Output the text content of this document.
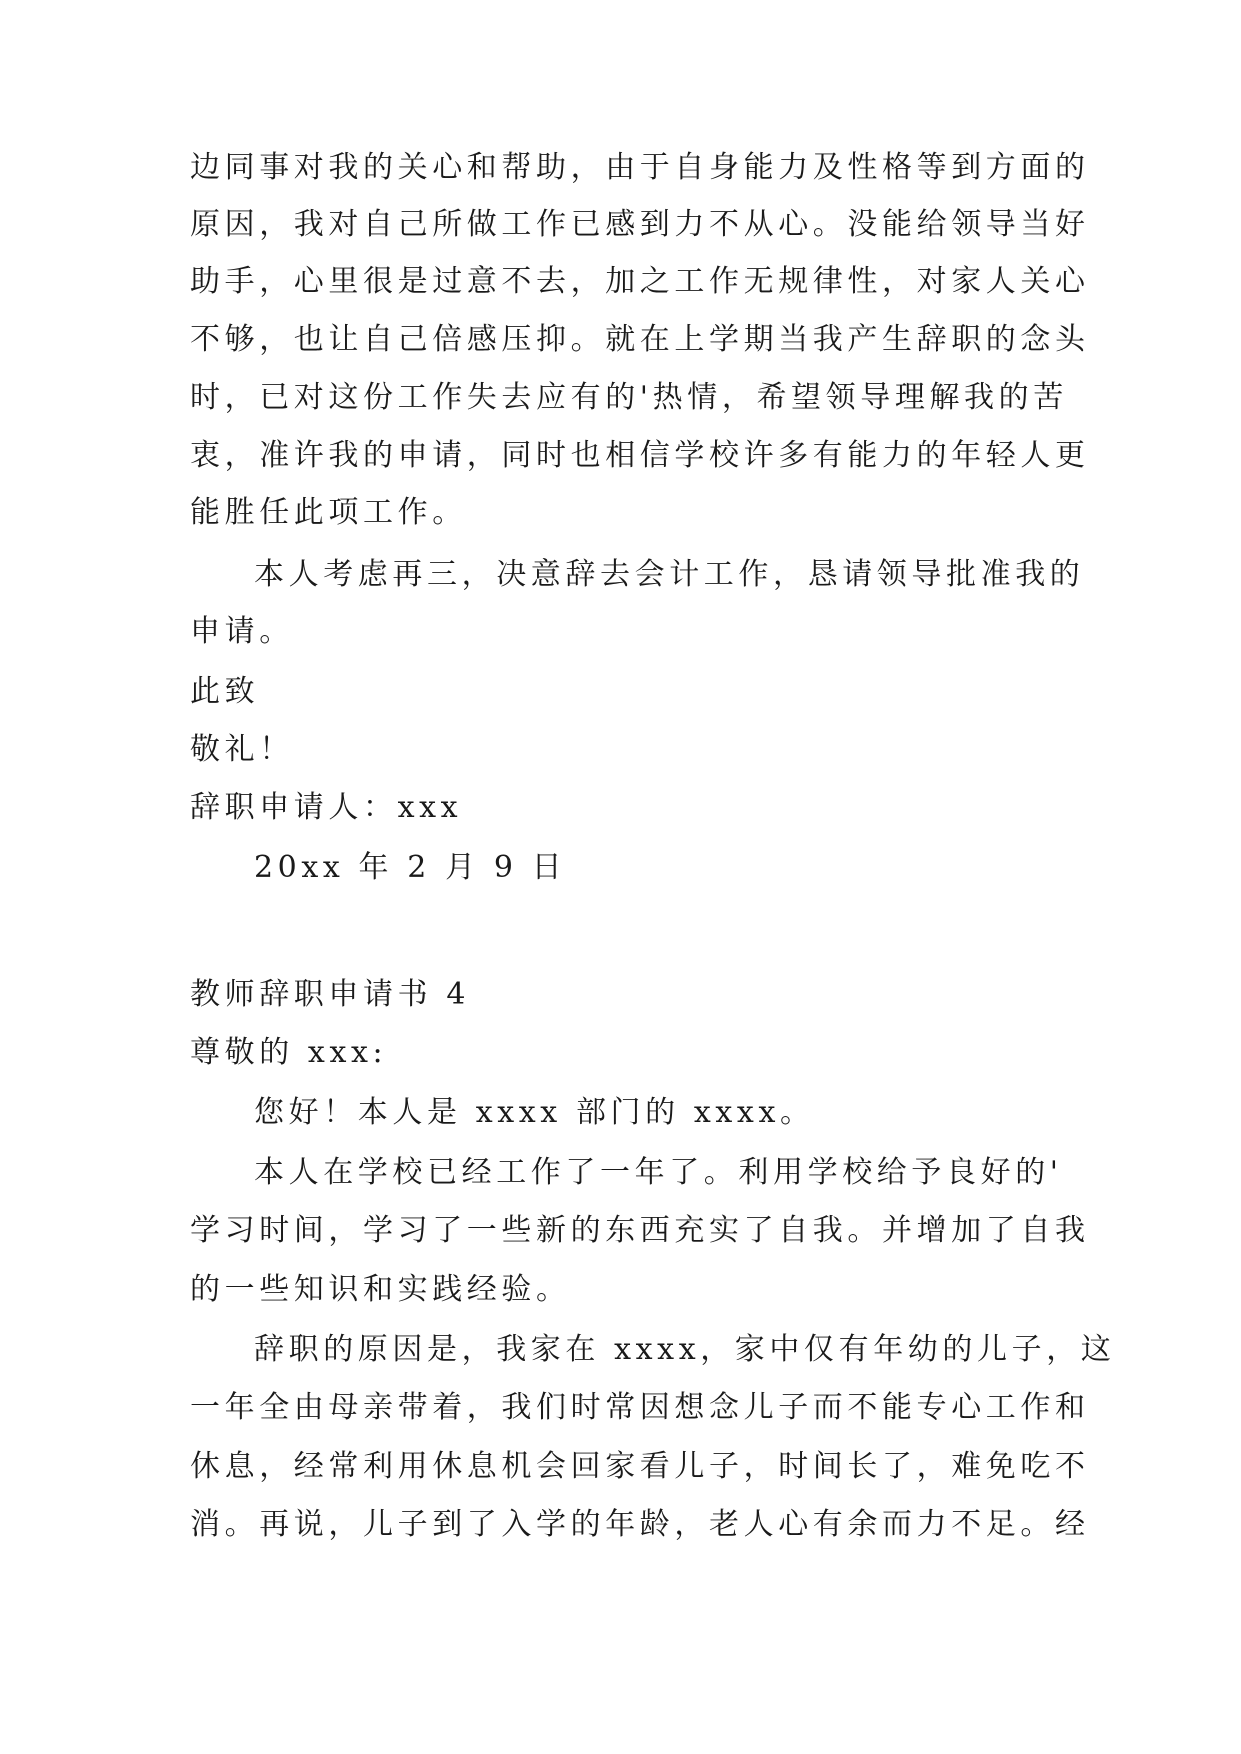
边同事对我的关心和帮助，由于自身能力及性格等到方面的
原因，我对自己所做工作已感到力不从心。没能给领导当好
助手，心里很是过意不去，加之工作无规律性，对家人关心
不够，也让自己倍感压抑。就在上学期当我产生辞职的念头
时，已对这份工作失去应有的'热情，希望领导理解我的苦
衷，准许我的申请，同时也相信学校许多有能力的年轻人更
能胜任此项工作。
本人考虑再三，决意辞去会计工作，恳请领导批准我的
申请。
此致
敬礼！
辞职申请人：xxx
20xx 年 2 月 9 日
教师辞职申请书 4
尊敬的 xxx:
您好！本人是 xxxx 部门的 xxxx。
本人在学校已经工作了一年了。利用学校给予良好的'
学习时间，学习了一些新的东西充实了自我。并增加了自我
的一些知识和实践经验。
辞职的原因是，我家在 xxxx，家中仅有年幼的儿子，这
一年全由母亲带着，我们时常因想念儿子而不能专心工作和
休息，经常利用休息机会回家看儿子，时间长了，难免吃不
消。再说，儿子到了入学的年龄，老人心有余而力不足。经
